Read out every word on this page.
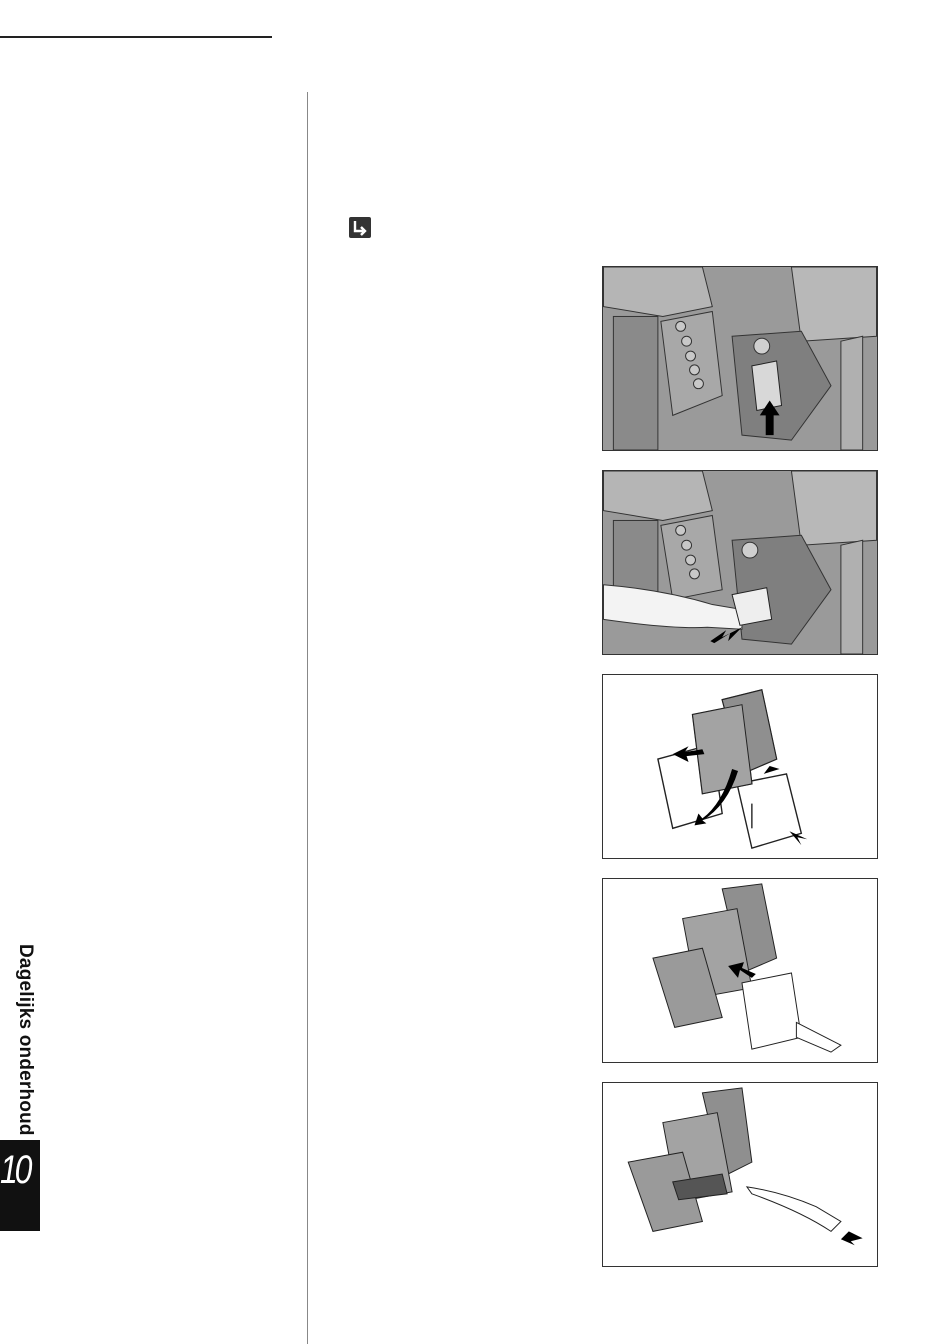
Dagelijks onderhoud
10
